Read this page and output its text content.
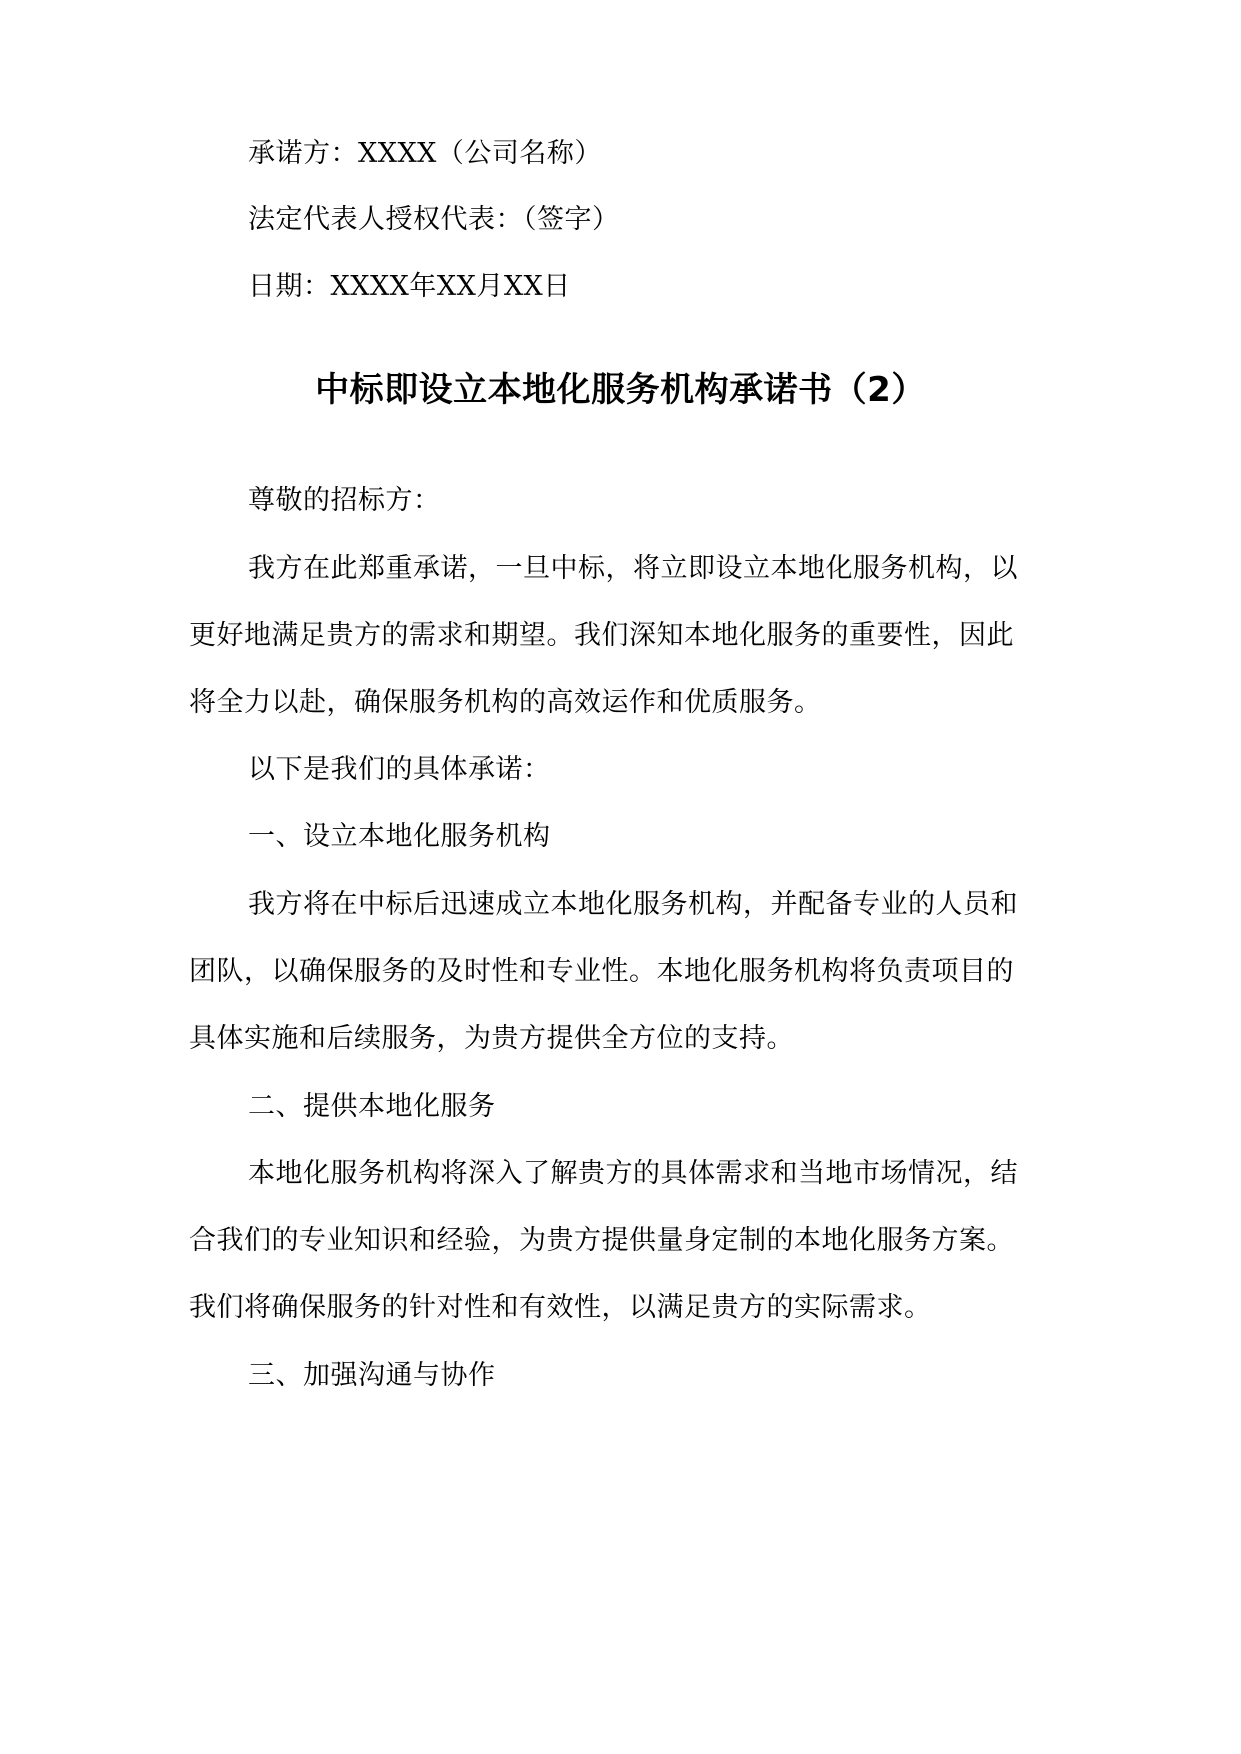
承诺方：XXXX（公司名称）
法定代表人授权代表：（签字）
日期：XXXX年XX月XX日
中标即设立本地化服务机构承诺书（2）
尊敬的招标方：
我方在此郑重承诺，一旦中标，将立即设立本地化服务机构，以
更好地满足贵方的需求和期望。我们深知本地化服务的重要性，因此
将全力以赴，确保服务机构的高效运作和优质服务。
以下是我们的具体承诺：
一、设立本地化服务机构
我方将在中标后迅速成立本地化服务机构，并配备专业的人员和
团队，以确保服务的及时性和专业性。本地化服务机构将负责项目的
具体实施和后续服务，为贵方提供全方位的支持。
二、提供本地化服务
本地化服务机构将深入了解贵方的具体需求和当地市场情况，结
合我们的专业知识和经验，为贵方提供量身定制的本地化服务方案。
我们将确保服务的针对性和有效性，以满足贵方的实际需求。
三、加强沟通与协作
